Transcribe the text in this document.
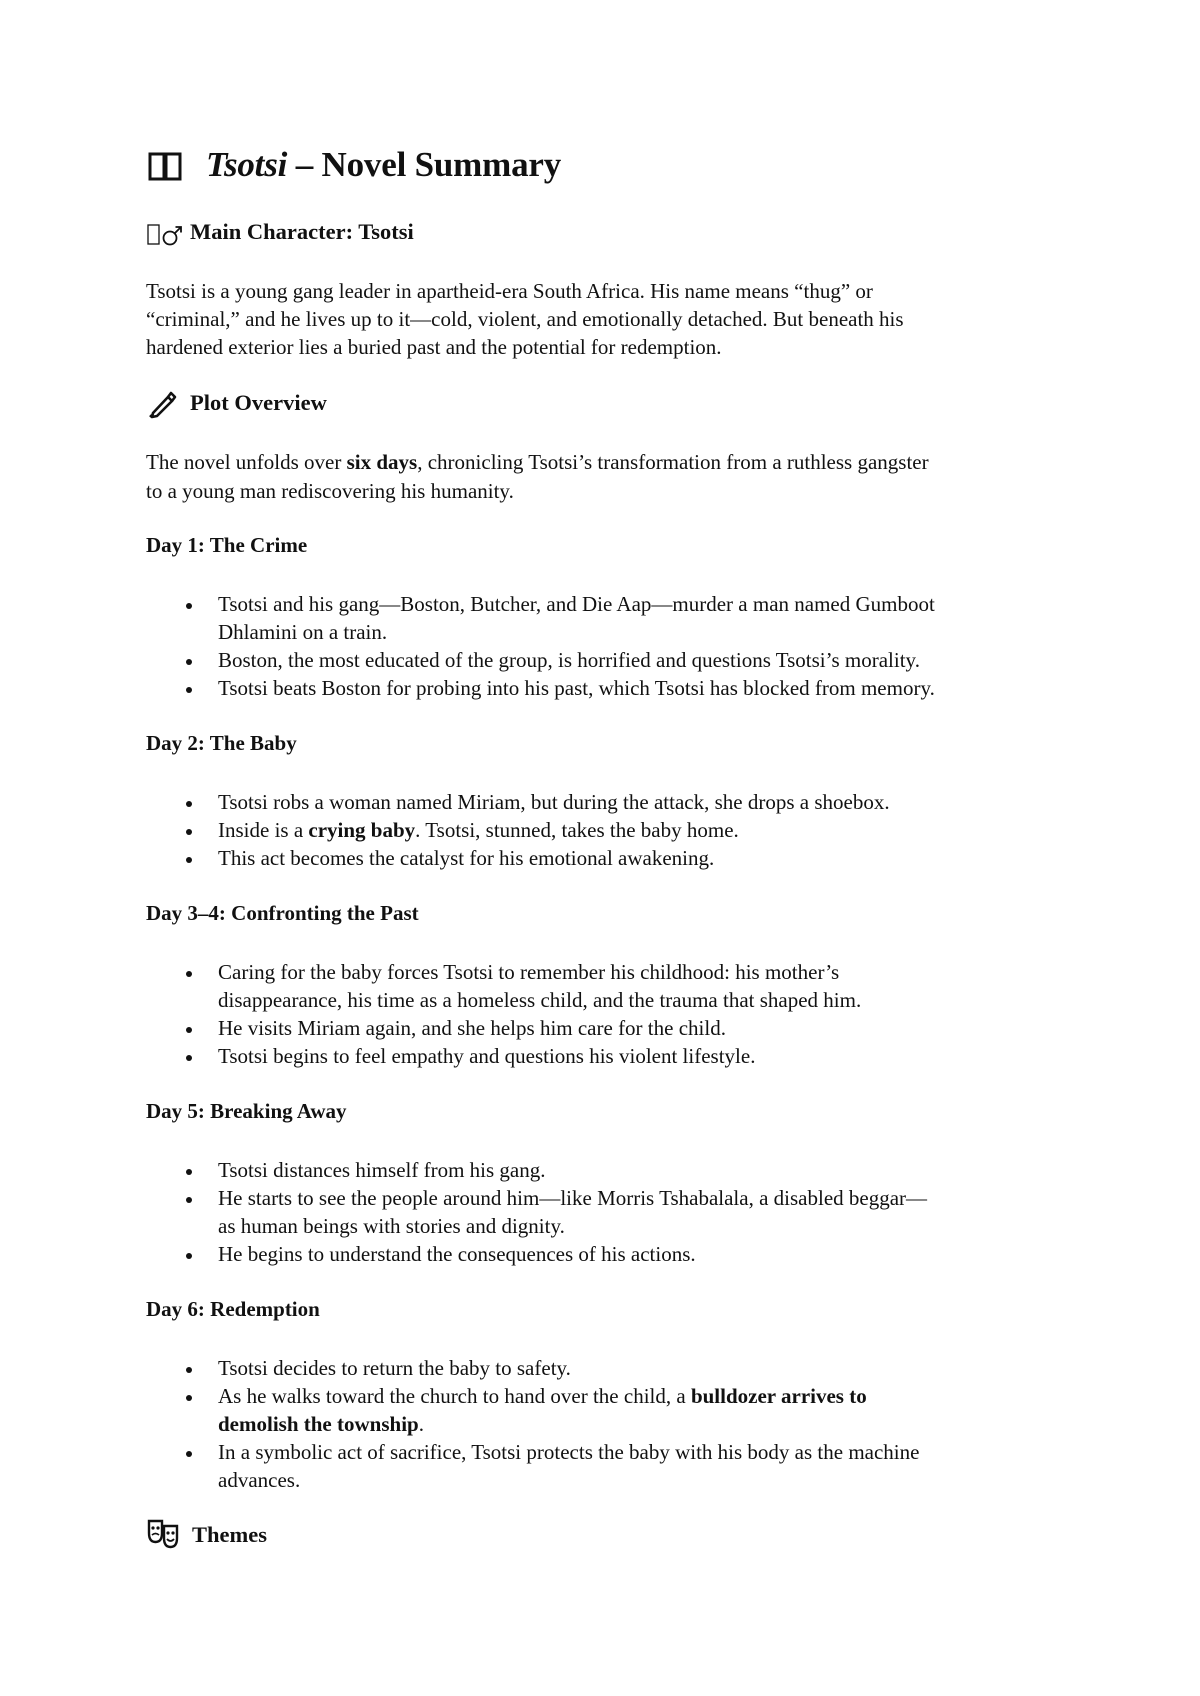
Tsotsi – Novel Summary
Main Character: Tsotsi
Tsotsi is a young gang leader in apartheid-era South Africa. His name means “thug” or
“criminal,” and he lives up to it—cold, violent, and emotionally detached. But beneath his
hardened exterior lies a buried past and the potential for redemption.
Plot Overview
The novel unfolds over six days, chronicling Tsotsi’s transformation from a ruthless gangster
to a young man rediscovering his humanity.
Day 1: The Crime
Tsotsi and his gang—Boston, Butcher, and Die Aap—murder a man named Gumboot
Dhlamini on a train.
Boston, the most educated of the group, is horrified and questions Tsotsi’s morality.
Tsotsi beats Boston for probing into his past, which Tsotsi has blocked from memory.
Day 2: The Baby
Tsotsi robs a woman named Miriam, but during the attack, she drops a shoebox.
Inside is a crying baby. Tsotsi, stunned, takes the baby home.
This act becomes the catalyst for his emotional awakening.
Day 3–4: Confronting the Past
Caring for the baby forces Tsotsi to remember his childhood: his mother’s
disappearance, his time as a homeless child, and the trauma that shaped him.
He visits Miriam again, and she helps him care for the child.
Tsotsi begins to feel empathy and questions his violent lifestyle.
Day 5: Breaking Away
Tsotsi distances himself from his gang.
He starts to see the people around him—like Morris Tshabalala, a disabled beggar—
as human beings with stories and dignity.
He begins to understand the consequences of his actions.
Day 6: Redemption
Tsotsi decides to return the baby to safety.
As he walks toward the church to hand over the child, a bulldozer arrives to
demolish the township.
In a symbolic act of sacrifice, Tsotsi protects the baby with his body as the machine
advances.
Themes
